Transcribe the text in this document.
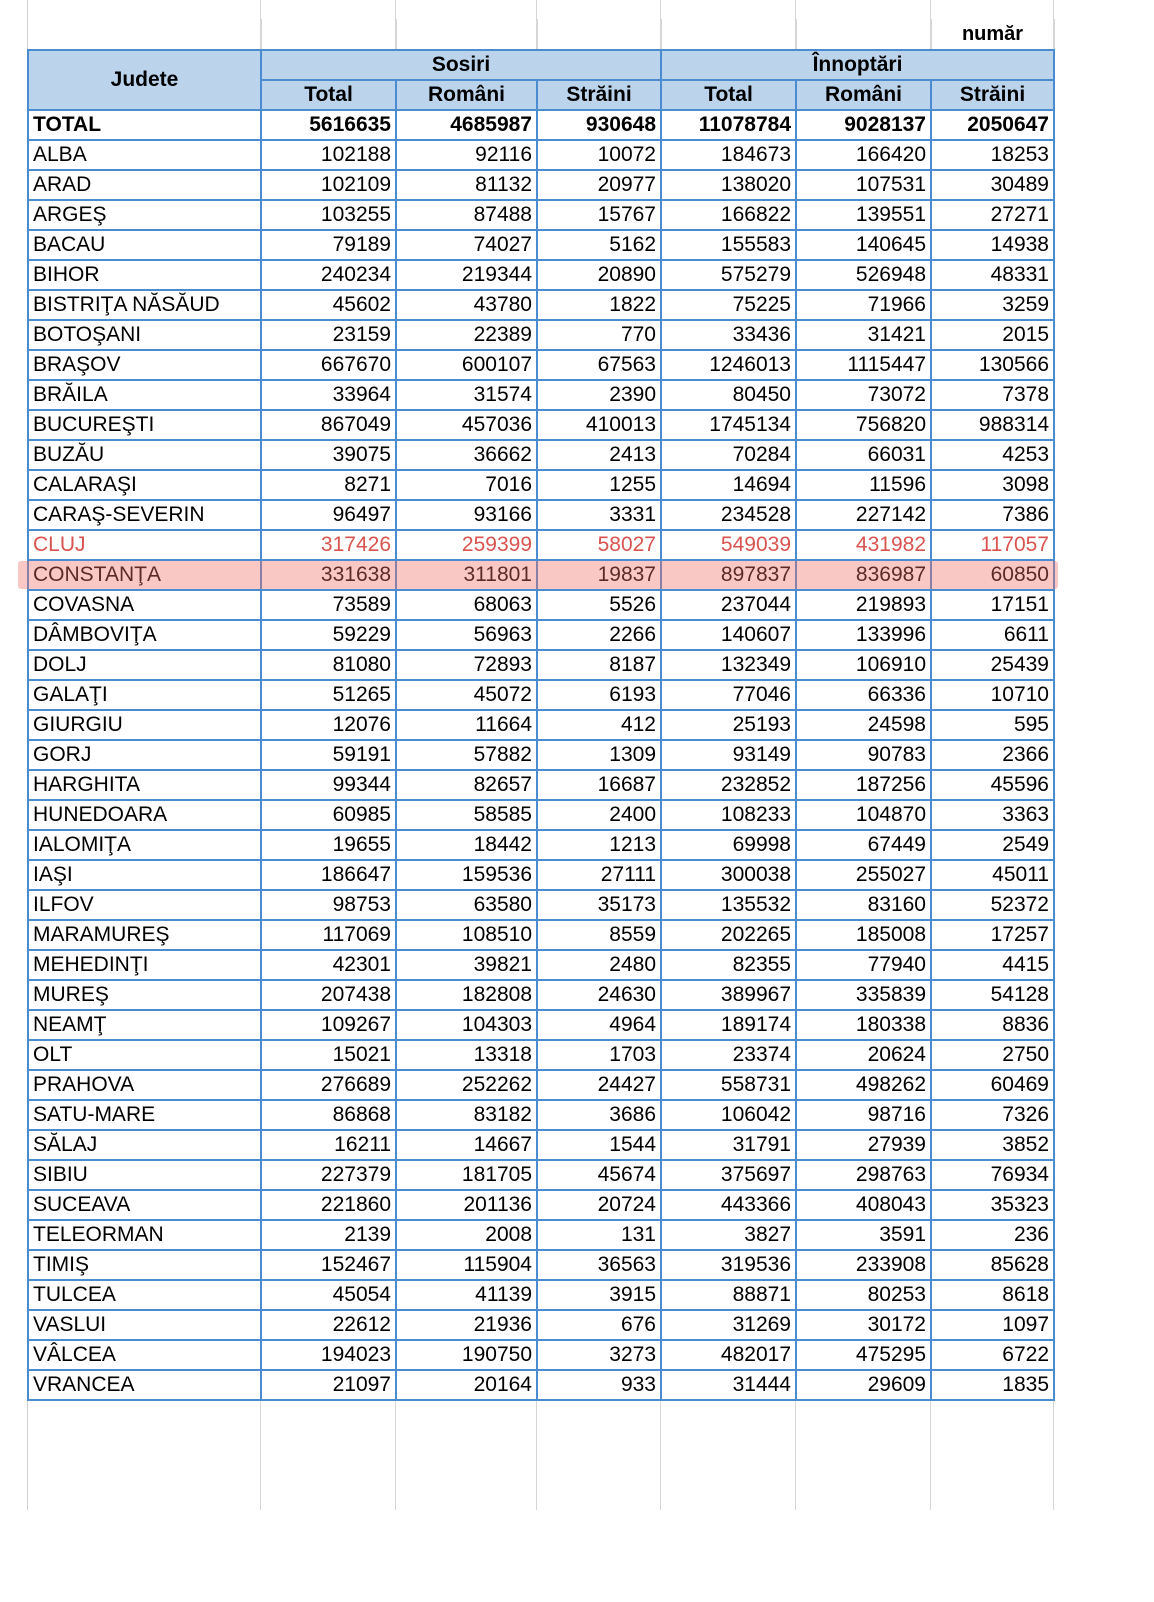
						număr
Judete	Sosiri			Înnoptări		
	Total	Români	Străini	Total	Români	Străini
TOTAL	5616635	4685987	930648	11078784	9028137	2050647
ALBA	102188	92116	10072	184673	166420	18253
ARAD	102109	81132	20977	138020	107531	30489
ARGEŞ	103255	87488	15767	166822	139551	27271
BACAU	79189	74027	5162	155583	140645	14938
BIHOR	240234	219344	20890	575279	526948	48331
BISTRIŢA NĂSĂUD	45602	43780	1822	75225	71966	3259
BOTOŞANI	23159	22389	770	33436	31421	2015
BRAŞOV	667670	600107	67563	1246013	1115447	130566
BRĂILA	33964	31574	2390	80450	73072	7378
BUCUREŞTI	867049	457036	410013	1745134	756820	988314
BUZĂU	39075	36662	2413	70284	66031	4253
CALARAŞI	8271	7016	1255	14694	11596	3098
CARAŞ-SEVERIN	96497	93166	3331	234528	227142	7386
CLUJ	317426	259399	58027	549039	431982	117057
CONSTANŢA	331638	311801	19837	897837	836987	60850
COVASNA	73589	68063	5526	237044	219893	17151
DÂMBOVIŢA	59229	56963	2266	140607	133996	6611
DOLJ	81080	72893	8187	132349	106910	25439
GALAŢI	51265	45072	6193	77046	66336	10710
GIURGIU	12076	11664	412	25193	24598	595
GORJ	59191	57882	1309	93149	90783	2366
HARGHITA	99344	82657	16687	232852	187256	45596
HUNEDOARA	60985	58585	2400	108233	104870	3363
IALOMIŢA	19655	18442	1213	69998	67449	2549
IAŞI	186647	159536	27111	300038	255027	45011
ILFOV	98753	63580	35173	135532	83160	52372
MARAMUREŞ	117069	108510	8559	202265	185008	17257
MEHEDINŢI	42301	39821	2480	82355	77940	4415
MUREŞ	207438	182808	24630	389967	335839	54128
NEAMŢ	109267	104303	4964	189174	180338	8836
OLT	15021	13318	1703	23374	20624	2750
PRAHOVA	276689	252262	24427	558731	498262	60469
SATU-MARE	86868	83182	3686	106042	98716	7326
SĂLAJ	16211	14667	1544	31791	27939	3852
SIBIU	227379	181705	45674	375697	298763	76934
SUCEAVA	221860	201136	20724	443366	408043	35323
TELEORMAN	2139	2008	131	3827	3591	236
TIMIŞ	152467	115904	36563	319536	233908	85628
TULCEA	45054	41139	3915	88871	80253	8618
VASLUI	22612	21936	676	31269	30172	1097
VÂLCEA	194023	190750	3273	482017	475295	6722
VRANCEA	21097	20164	933	31444	29609	1835
